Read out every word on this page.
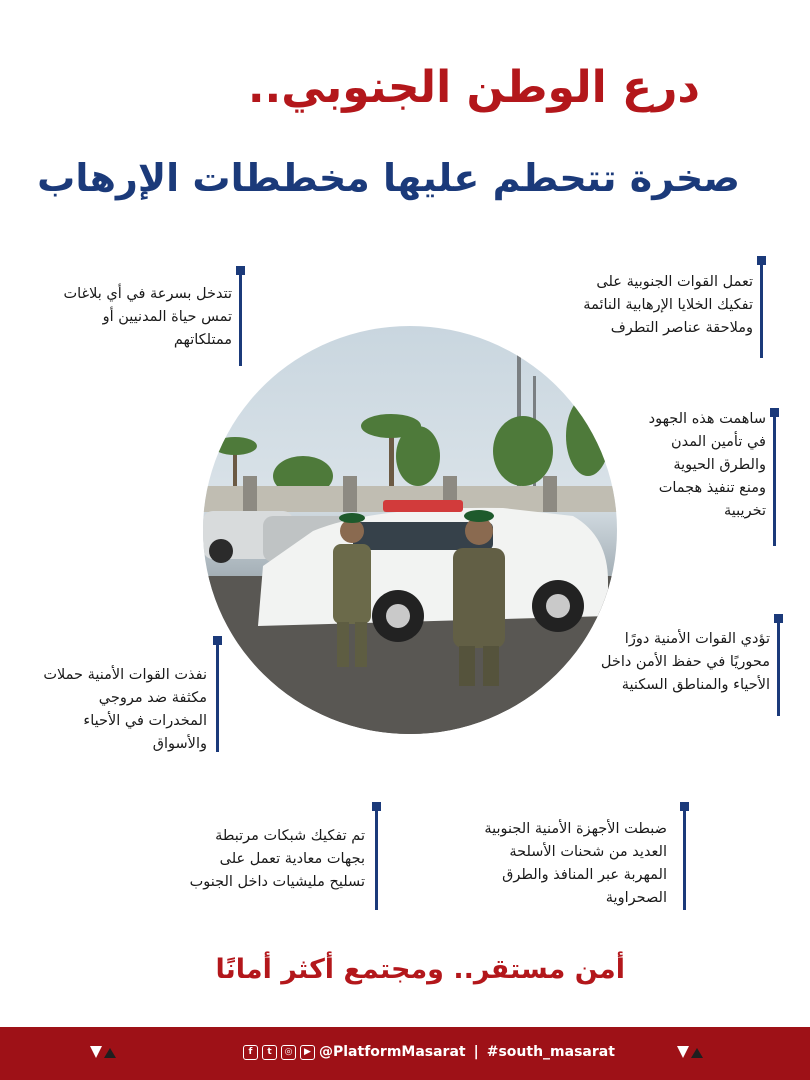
درع الوطن الجنوبي..
صخرة تتحطم عليها مخططات الإرهاب
تتدخل بسرعة في أي بلاغات تمس حياة المدنيين أو ممتلكاتهم
تعمل القوات الجنوبية على تفكيك الخلايا الإرهابية النائمة وملاحقة عناصر التطرف
ساهمت هذه الجهود في تأمين المدن والطرق الحيوية ومنع تنفيذ هجمات تخريبية
تؤدي القوات الأمنية دورًا محوريًا في حفظ الأمن داخل الأحياء والمناطق السكنية
نفذت القوات الأمنية حملات مكثفة ضد مروجي المخدرات في الأحياء والأسواق
تم تفكيك شبكات مرتبطة بجهات معادية تعمل على تسليح مليشيات داخل الجنوب
ضبطت الأجهزة الأمنية الجنوبية العديد من شحنات الأسلحة المهربة عبر المنافذ والطرق الصحراوية
أمن مستقر.. ومجتمع أكثر أمانًا
f	t	◎	▶ @PlatformMasarat | #south_masarat
